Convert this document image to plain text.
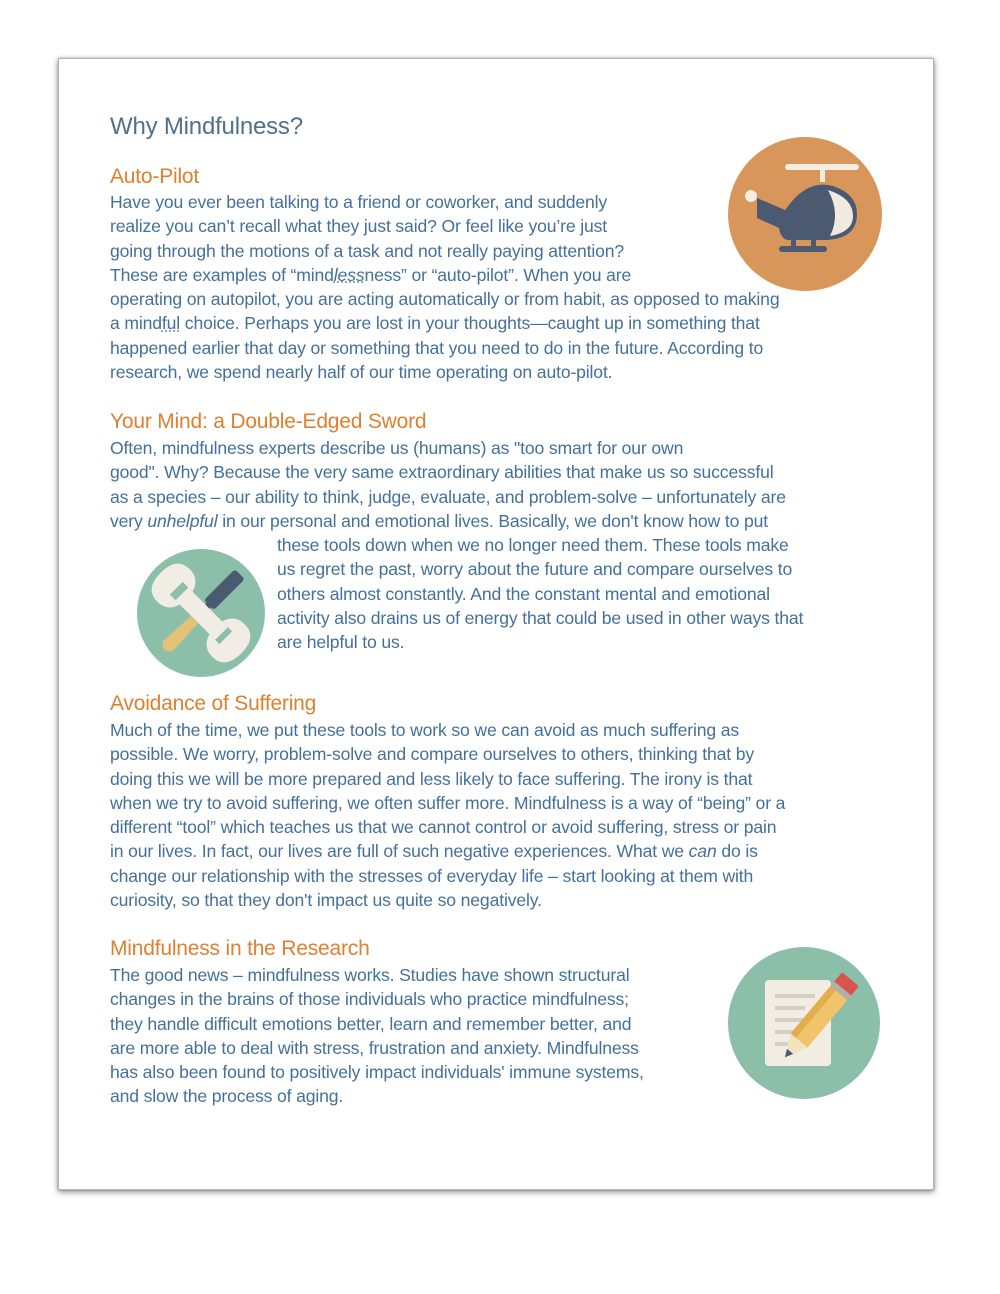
Why Mindfulness?
Auto-Pilot
Have you ever been talking to a friend or coworker, and suddenly
realize you can’t recall what they just said? Or feel like you’re just
going through the motions of a task and not really paying attention?
These are examples of “mindlessness” or “auto-pilot”. When you are
operating on autopilot, you are acting automatically or from habit, as opposed to making
a mindful choice. Perhaps you are lost in your thoughts—caught up in something that
happened earlier that day or something that you need to do in the future. According to
research, we spend nearly half of our time operating on auto-pilot.
Your Mind: a Double-Edged Sword
Often, mindfulness experts describe us (humans) as "too smart for our own
good". Why? Because the very same extraordinary abilities that make us so successful
as a species – our ability to think, judge, evaluate, and problem-solve – unfortunately are
very unhelpful in our personal and emotional lives. Basically, we don't know how to put
these tools down when we no longer need them. These tools make
us regret the past, worry about the future and compare ourselves to
others almost constantly. And the constant mental and emotional
activity also drains us of energy that could be used in other ways that
are helpful to us.
Avoidance of Suffering
Much of the time, we put these tools to work so we can avoid as much suffering as
possible. We worry, problem-solve and compare ourselves to others, thinking that by
doing this we will be more prepared and less likely to face suffering. The irony is that
when we try to avoid suffering, we often suffer more. Mindfulness is a way of “being” or a
different “tool” which teaches us that we cannot control or avoid suffering, stress or pain
in our lives. In fact, our lives are full of such negative experiences. What we can do is
change our relationship with the stresses of everyday life – start looking at them with
curiosity, so that they don't impact us quite so negatively.
Mindfulness in the Research
The good news – mindfulness works. Studies have shown structural
changes in the brains of those individuals who practice mindfulness;
they handle difficult emotions better, learn and remember better, and
are more able to deal with stress, frustration and anxiety. Mindfulness
has also been found to positively impact individuals' immune systems,
and slow the process of aging.
